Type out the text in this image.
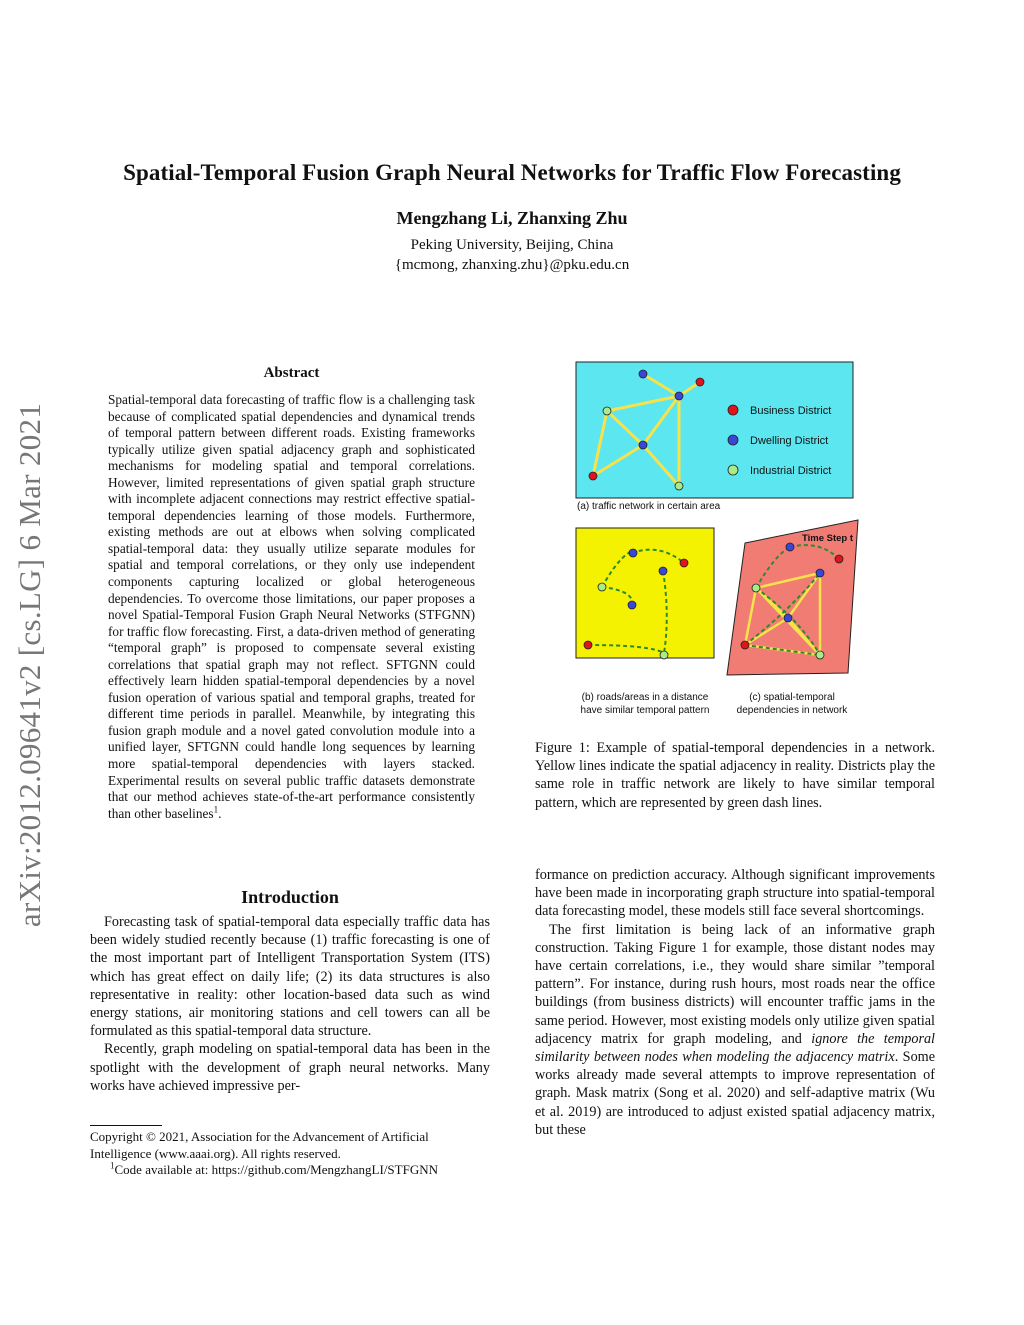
Spatial-Temporal Fusion Graph Neural Networks for Traffic Flow Forecasting
Mengzhang Li, Zhanxing Zhu
Peking University, Beijing, China
{mcmong, zhanxing.zhu}@pku.edu.cn
arXiv:2012.09641v2 [cs.LG] 6 Mar 2021
Abstract
Spatial-temporal data forecasting of traffic flow is a challenging task because of complicated spatial dependencies and dynamical trends of temporal pattern between different roads. Existing frameworks typically utilize given spatial adjacency graph and sophisticated mechanisms for modeling spatial and temporal correlations. However, limited representations of given spatial graph structure with incomplete adjacent connections may restrict effective spatial-temporal dependencies learning of those models. Furthermore, existing methods are out at elbows when solving complicated spatial-temporal data: they usually utilize separate modules for spatial and temporal correlations, or they only use independent components capturing localized or global heterogeneous dependencies. To overcome those limitations, our paper proposes a novel Spatial-Temporal Fusion Graph Neural Networks (STFGNN) for traffic flow forecasting. First, a data-driven method of generating “temporal graph” is proposed to compensate several existing correlations that spatial graph may not reflect. SFTGNN could effectively learn hidden spatial-temporal dependencies by a novel fusion operation of various spatial and temporal graphs, treated for different time periods in parallel. Meanwhile, by integrating this fusion graph module and a novel gated convolution module into a unified layer, SFTGNN could handle long sequences by learning more spatial-temporal dependencies with layers stacked. Experimental results on several public traffic datasets demonstrate that our method achieves state-of-the-art performance consistently than other baselines$^1$.
Introduction

Forecasting task of spatial-temporal data especially traffic data has been widely studied recently because (1) traffic forecasting is one of the most important part of Intelligent Transportation System (ITS) which has great effect on daily life; (2) its data structures is also representative in reality: other location-based data such as wind energy stations, air monitoring stations and cell towers can all be formulated as this spatial-temporal data structure.

Recently, graph modeling on spatial-temporal data has been in the spotlight with the development of graph neural networks. Many works have achieved impressive per-

Copyright © 2021, Association for the Advancement of Artificial Intelligence (www.aaai.org). All rights reserved.
$^1$Code available at: https://github.com/MengzhangLI/STFGNN
Business District
Dwelling District
Industrial District
(a) traffic network in certain area
(b) roads/areas in a distance
have similar temporal pattern
Time Step t
(c) spatial-temporal
dependencies in network
Figure 1: Example of spatial-temporal dependencies in a network. Yellow lines indicate the spatial adjacency in reality. Districts play the same role in traffic network are likely to have similar temporal pattern, which are represented by green dash lines.

formance on prediction accuracy. Although significant improvements have been made in incorporating graph structure into spatial-temporal data forecasting model, these models still face several shortcomings.

The first limitation is being lack of an informative graph construction. Taking Figure 1 for example, those distant nodes may have certain correlations, i.e., they would share similar ”temporal pattern”. For instance, during rush hours, most roads near the office buildings (from business districts) will encounter traffic jams in the same period. However, most existing models only utilize given spatial adjacency matrix for graph modeling, and ignore the temporal similarity between nodes when modeling the adjacency matrix. Some works already made several attempts to improve representation of graph. Mask matrix (Song et al. 2020) and self-adaptive matrix (Wu et al. 2019) are introduced to adjust existed spatial adjacency matrix, but these
